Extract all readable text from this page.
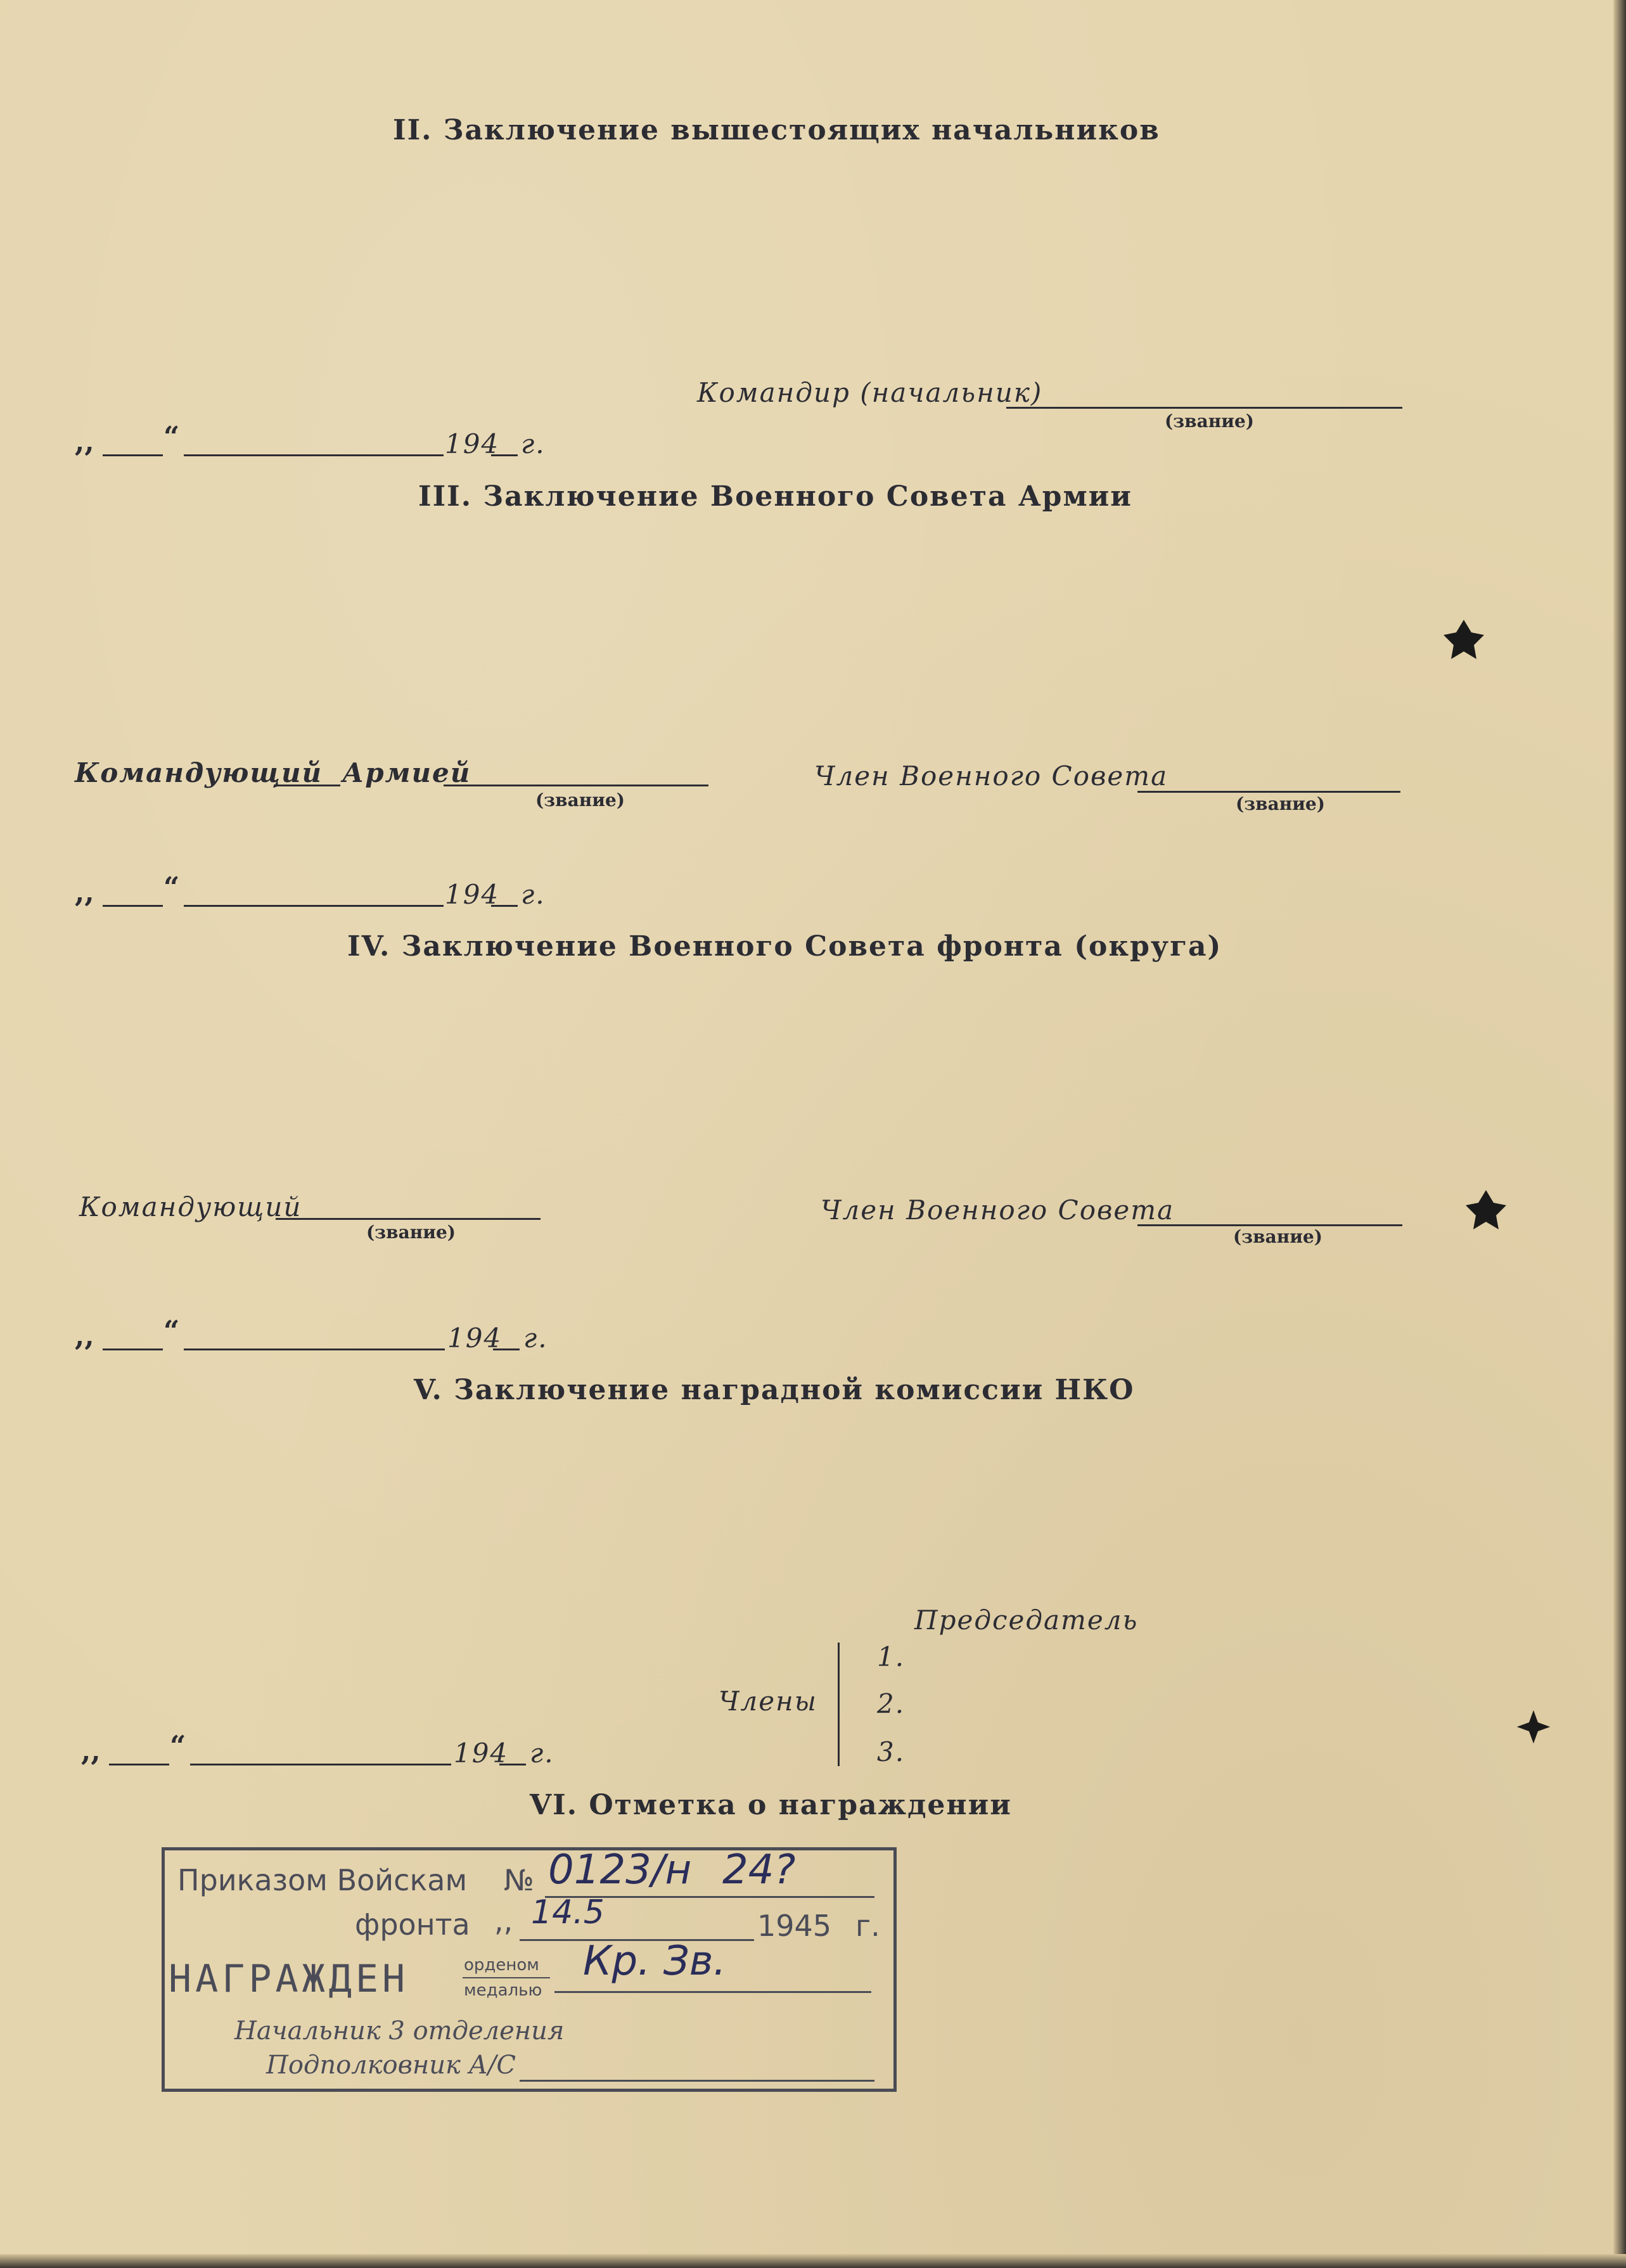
II. Заключение вышестоящих начальников
Командир (начальник)
(звание)
,, “	194 г.
III. Заключение Военного Совета Армии
Командующий Армией
(звание)
Член Военного Совета
(звание)
,, “	194 г.
IV. Заключение Военного Совета фронта (округа)
Командующий
(звание)
Член Военного Совета
(звание)
,, “	194 г.
V. Заключение наградной комиссии НКО
Председатель
Члены
1.
2.
3.
,, “	194 г.
VI. Отметка о награждении
Приказом Войскам № 0123/н 24?
фронта ,, 14.5	1945 г.
НАГРАЖДЕН	орденом
медалью
Кр. Зв.
Начальник 3 отделения
Подполковник А/С
